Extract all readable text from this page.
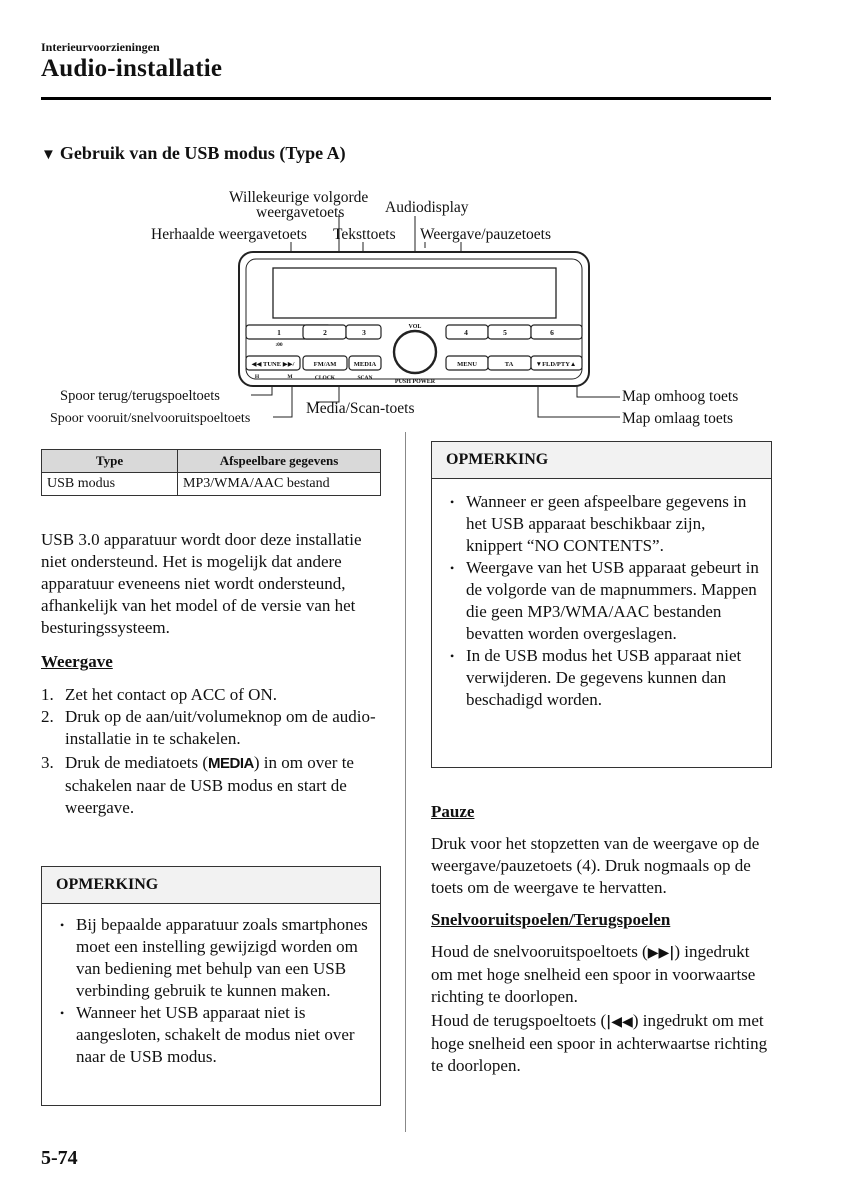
Interieurvoorzieningen
Audio-installatie
▼ Gebruik van de USB modus (Type A)
1
:00
2	3	4	5	6
VOL
PUSH POWER
◀◀ TUNE ▶▶/
H	M
FM/AM
CLOCK
MEDIA
SCAN
MENU	TA	▼FLD/PTY▲
Willekeurige volgorde
weergavetoets	Audiodisplay
Herhaalde weergavetoets Teksttoets Weergave/pauzetoets
Spoor terug/terugspoeltoets
Spoor vooruit/snelvooruitspoeltoets
Media/Scan-toets
Map omhoog toets
Map omlaag toets
Type	Afspeelbare gegevens
USB modus	MP3/WMA/AAC bestand
USB 3.0 apparatuur wordt door deze installatie niet ondersteund. Het is mogelijk dat andere apparatuur eveneens niet wordt ondersteund, afhankelijk van het model of de versie van het besturingssysteem.
Weergave
1. Zet het contact op ACC of ON.
2. Druk op de aan/uit/volumeknop om de audio-installatie in te schakelen.
3. Druk de mediatoets (MEDIA) in om over te schakelen naar de USB modus en start de weergave.
OPMERKING
• Bij bepaalde apparatuur zoals smartphones moet een instelling gewijzigd worden om van bediening met behulp van een USB verbinding gebruik te kunnen maken.
• Wanneer het USB apparaat niet is aangesloten, schakelt de modus niet over naar de USB modus.
OPMERKING
• Wanneer er geen afspeelbare gegevens in het USB apparaat beschikbaar zijn, knippert “NO CONTENTS”.
• Weergave van het USB apparaat gebeurt in de volgorde van de mapnummers. Mappen die geen MP3/WMA/AAC bestanden bevatten worden overgeslagen.
• In de USB modus het USB apparaat niet verwijderen. De gegevens kunnen dan beschadigd worden.
Pauze
Druk voor het stopzetten van de weergave op de weergave/pauzetoets (4). Druk nogmaals op de toets om de weergave te hervatten.
Snelvooruitspoelen/Terugspoelen
Houd de snelvooruitspoeltoets (▶▶|) ingedrukt om met hoge snelheid een spoor in voorwaartse richting te doorlopen.
Houd de terugspoeltoets (|◀◀) ingedrukt om met hoge snelheid een spoor in achterwaartse richting te doorlopen.
5-74
